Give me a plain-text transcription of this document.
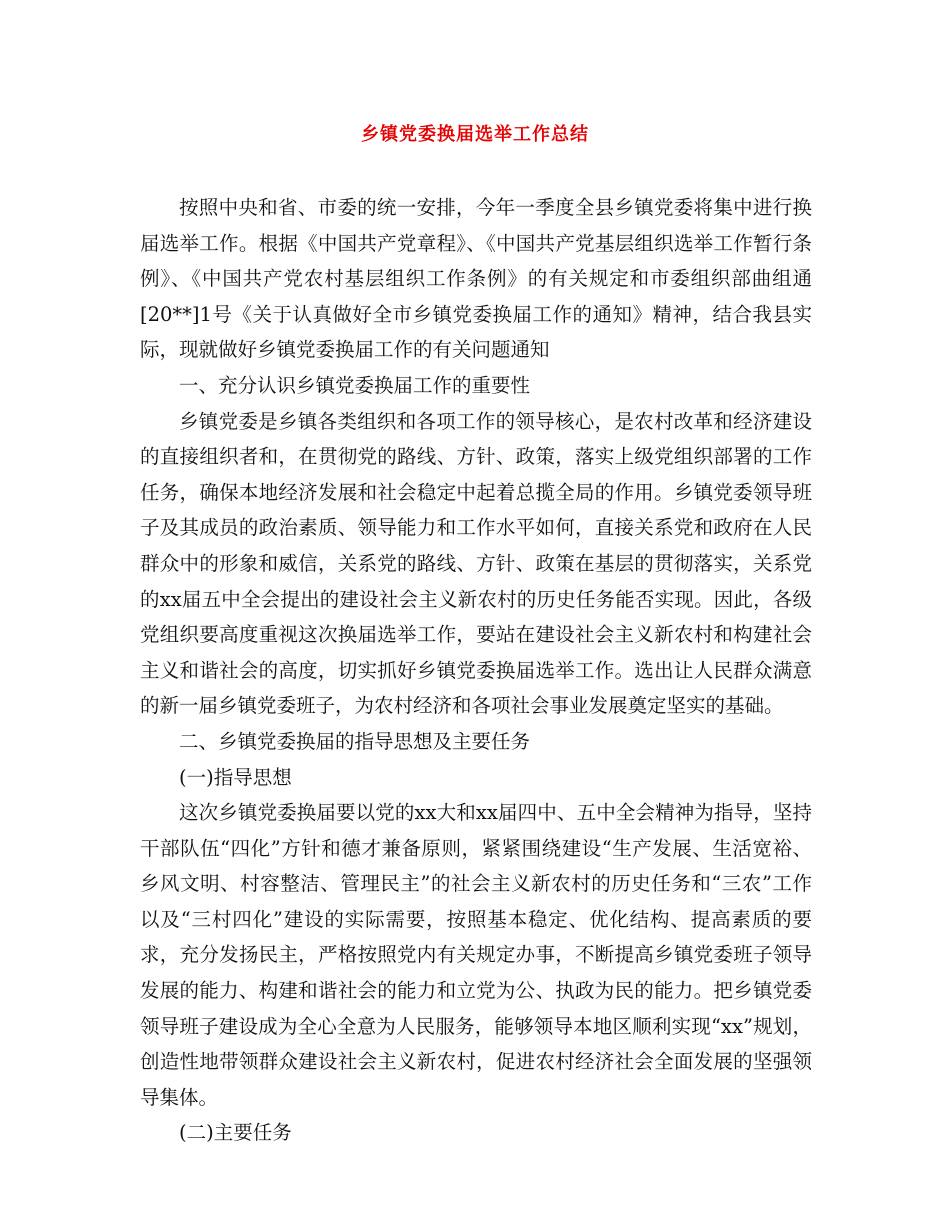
乡镇党委换届选举工作总结

按照中央和省、市委的统一安排，今年一季度全县乡镇党委将集中进行换届选举工作。根据《中国共产党章程》、《中国共产党基层组织选举工作暂行条例》、《中国共产党农村基层组织工作条例》的有关规定和市委组织部曲组通[20**]1号《关于认真做好全市乡镇党委换届工作的通知》精神，结合我县实际，现就做好乡镇党委换届工作的有关问题通知

一、充分认识乡镇党委换届工作的重要性

乡镇党委是乡镇各类组织和各项工作的领导核心，是农村改革和经济建设的直接组织者和，在贯彻党的路线、方针、政策，落实上级党组织部署的工作任务，确保本地经济发展和社会稳定中起着总揽全局的作用。乡镇党委领导班子及其成员的政治素质、领导能力和工作水平如何，直接关系党和政府在人民群众中的形象和威信，关系党的路线、方针、政策在基层的贯彻落实，关系党的xx届五中全会提出的建设社会主义新农村的历史任务能否实现。因此，各级党组织要高度重视这次换届选举工作，要站在建设社会主义新农村和构建社会主义和谐社会的高度，切实抓好乡镇党委换届选举工作。选出让人民群众满意的新一届乡镇党委班子，为农村经济和各项社会事业发展奠定坚实的基础。

二、乡镇党委换届的指导思想及主要任务

(一)指导思想

这次乡镇党委换届要以党的xx大和xx届四中、五中全会精神为指导，坚持干部队伍“四化”方针和德才兼备原则，紧紧围绕建设“生产发展、生活宽裕、乡风文明、村容整洁、管理民主”的社会主义新农村的历史任务和“三农”工作以及“三村四化”建设的实际需要，按照基本稳定、优化结构、提高素质的要求，充分发扬民主，严格按照党内有关规定办事，不断提高乡镇党委班子领导发展的能力、构建和谐社会的能力和立党为公、执政为民的能力。把乡镇党委领导班子建设成为全心全意为人民服务，能够领导本地区顺利实现“xx”规划，创造性地带领群众建设社会主义新农村，促进农村经济社会全面发展的坚强领导集体。

(二)主要任务
